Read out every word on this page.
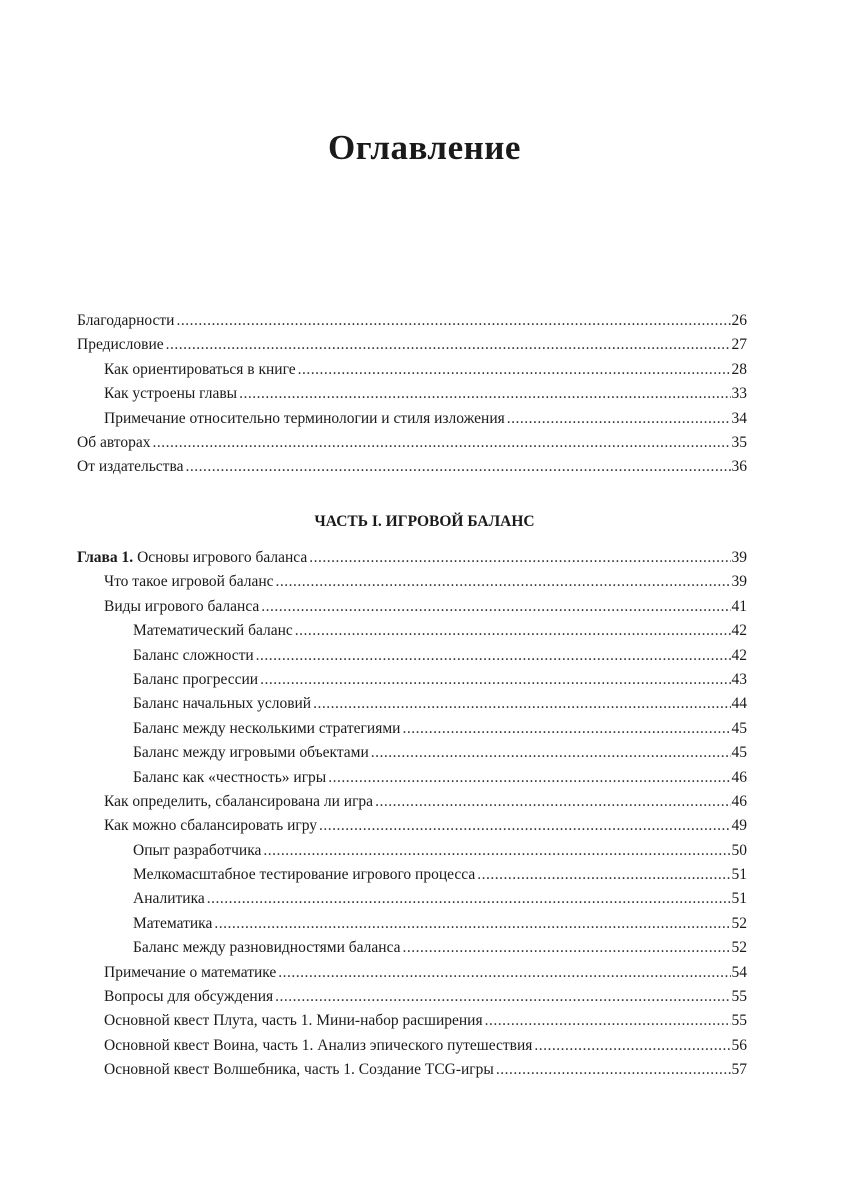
Оглавление
Благодарности .....	26
Предисловие .....	27
Как ориентироваться в книге .....	28
Как устроены главы .....	33
Примечание относительно терминологии и стиля изложения .....	34
Об авторах .....	35
От издательства .....	36
ЧАСТЬ I. ИГРОВОЙ БАЛАНС
Глава 1. Основы игрового баланса .....	39
Что такое игровой баланс .....	39
Виды игрового баланса .....	41
Математический баланс .....	42
Баланс сложности .....	42
Баланс прогрессии .....	43
Баланс начальных условий .....	44
Баланс между несколькими стратегиями .....	45
Баланс между игровыми объектами .....	45
Баланс как «честность» игры .....	46
Как определить, сбалансирована ли игра .....	46
Как можно сбалансировать игру .....	49
Опыт разработчика .....	50
Мелкомасштабное тестирование игрового процесса .....	51
Аналитика .....	51
Математика .....	52
Баланс между разновидностями баланса .....	52
Примечание о математике .....	54
Вопросы для обсуждения .....	55
Основной квест Плута, часть 1. Мини-набор расширения .....	55
Основной квест Воина, часть 1. Анализ эпического путешествия .....	56
Основной квест Волшебника, часть 1. Создание TCG-игры .....	57
